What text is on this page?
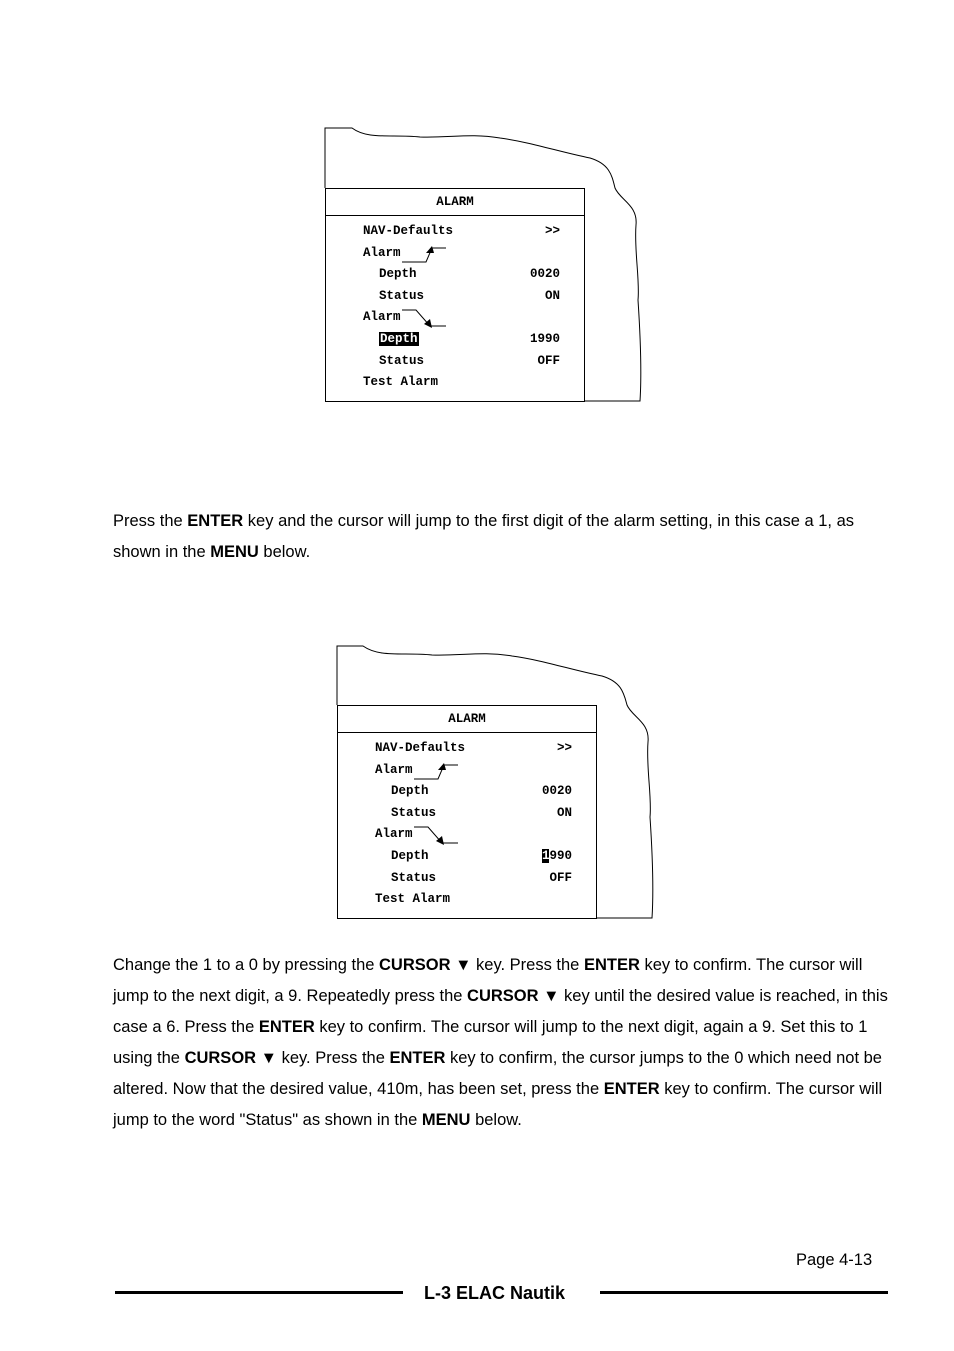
ALARM
NAV-Defaults	>>
Alarm
Depth	0020
Status	ON
Alarm
Depth	1990
Status	OFF
Test Alarm

Press the ENTER key and the cursor will jump to the first digit of the alarm setting, in this case a 1, as shown in the MENU below.

ALARM
NAV-Defaults	>>
Alarm
Depth	0020
Status	ON
Alarm
Depth	1990
Status	OFF
Test Alarm

Change the 1 to a 0 by pressing the CURSOR ▼ key. Press the ENTER key to confirm. The cursor will jump to the next digit, a 9. Repeatedly press the CURSOR ▼ key until the desired value is reached, in this case a 6. Press the ENTER key to confirm. The cursor will jump to the next digit, again a 9. Set this to 1 using the CURSOR ▼ key. Press the ENTER key to confirm, the cursor jumps to the 0 which need not be altered. Now that the desired value, 410m, has been set, press the ENTER key to confirm. The cursor will jump to the word "Status" as shown in the MENU below.

Page 4-13
L-3 ELAC Nautik
